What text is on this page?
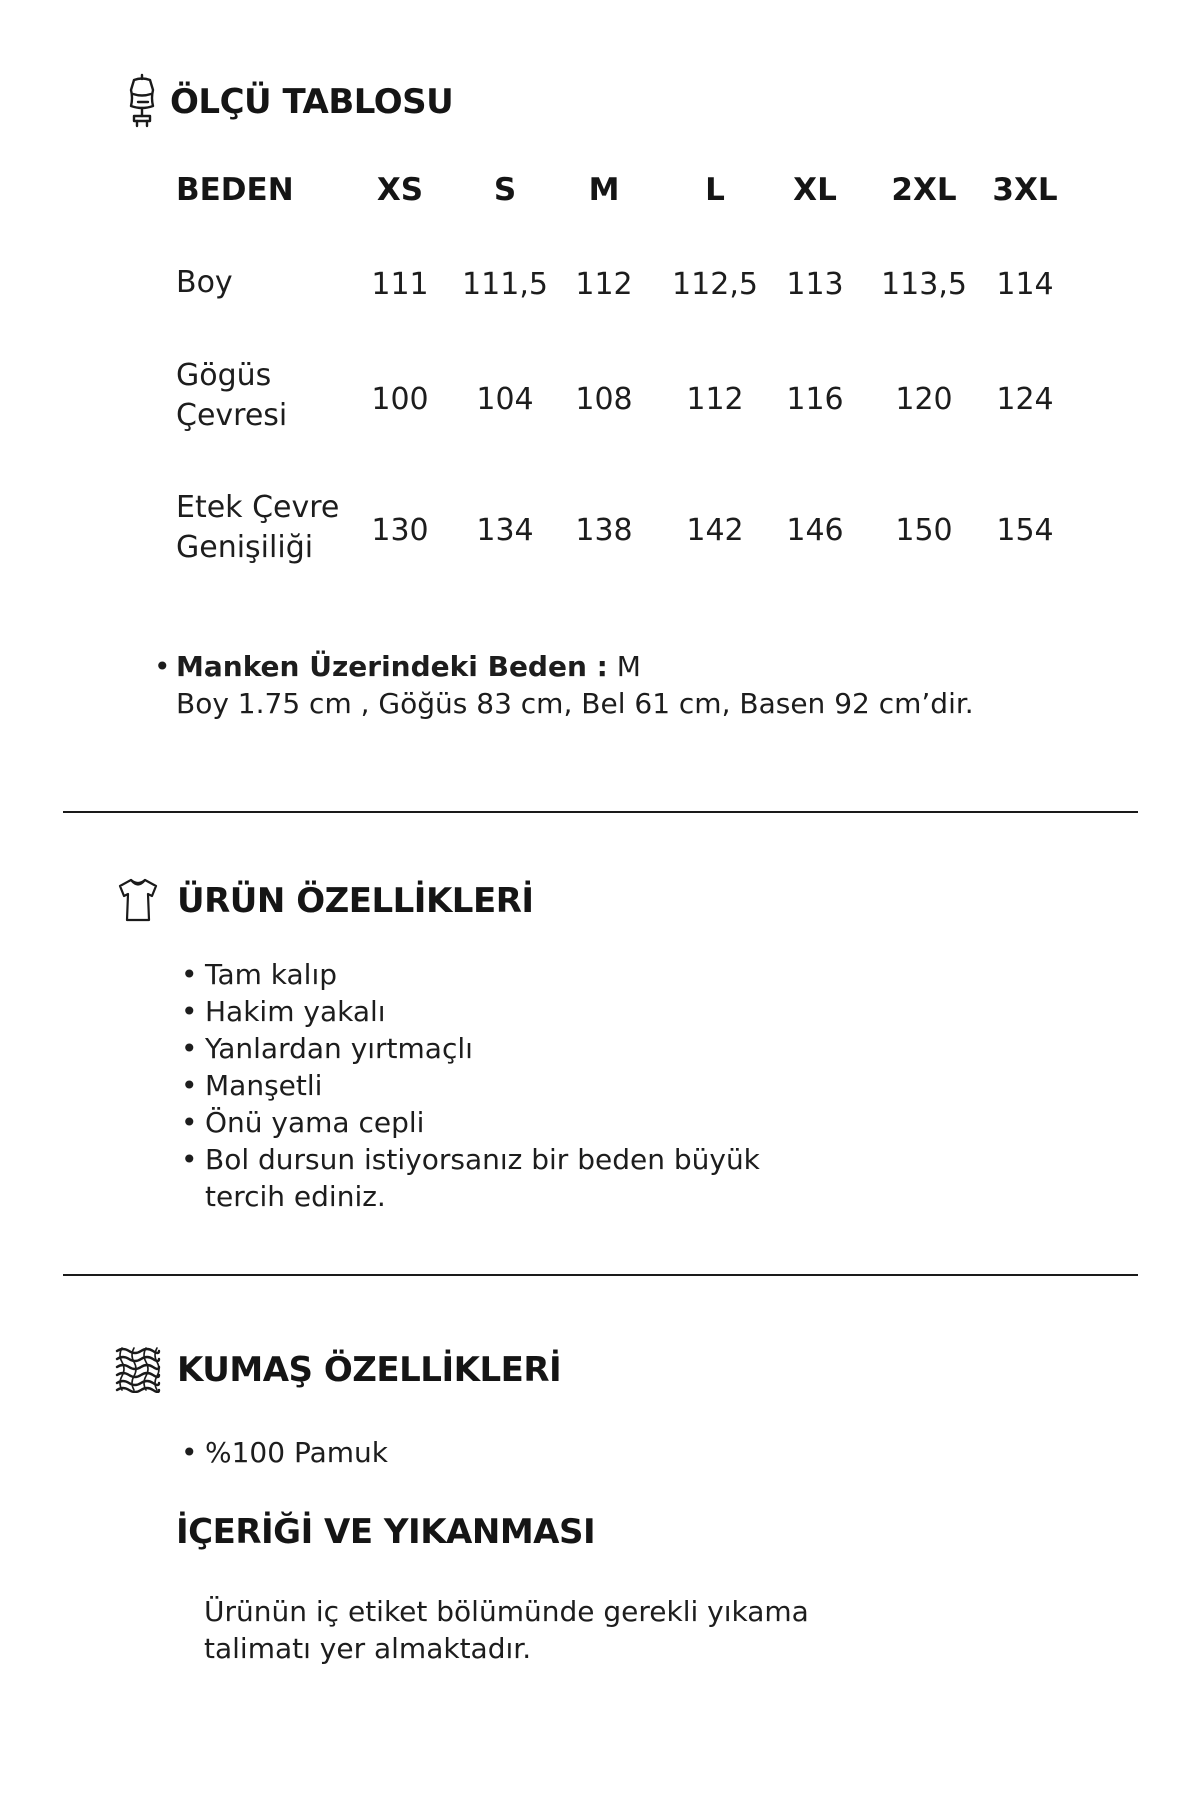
ÖLÇÜ TABLOSU
BEDEN	XS S M	L XL 2XL 3XL
Boy	111 111,5 112 112,5 113 113,5 114
Gögüs Çevresi	100 104 108 112 116 120 124
Etek Çevre Genişiliği	130 134 138 142 146 150 154
• Manken Üzerindeki Beden : M
Boy 1.75 cm , Göğüs 83 cm, Bel 61 cm, Basen 92 cm’dir.
ÜRÜN ÖZELLİKLERİ
• Tam kalıp
• Hakim yakalı
• Yanlardan yırtmaçlı
• Manşetli
• Önü yama cepli
• Bol dursun istiyorsanız bir beden büyük
tercih ediniz.
KUMAŞ ÖZELLİKLERİ
• %100 Pamuk
İÇERİĞİ VE YIKANMASI
Ürünün iç etiket bölümünde gerekli yıkama
talimatı yer almaktadır.
